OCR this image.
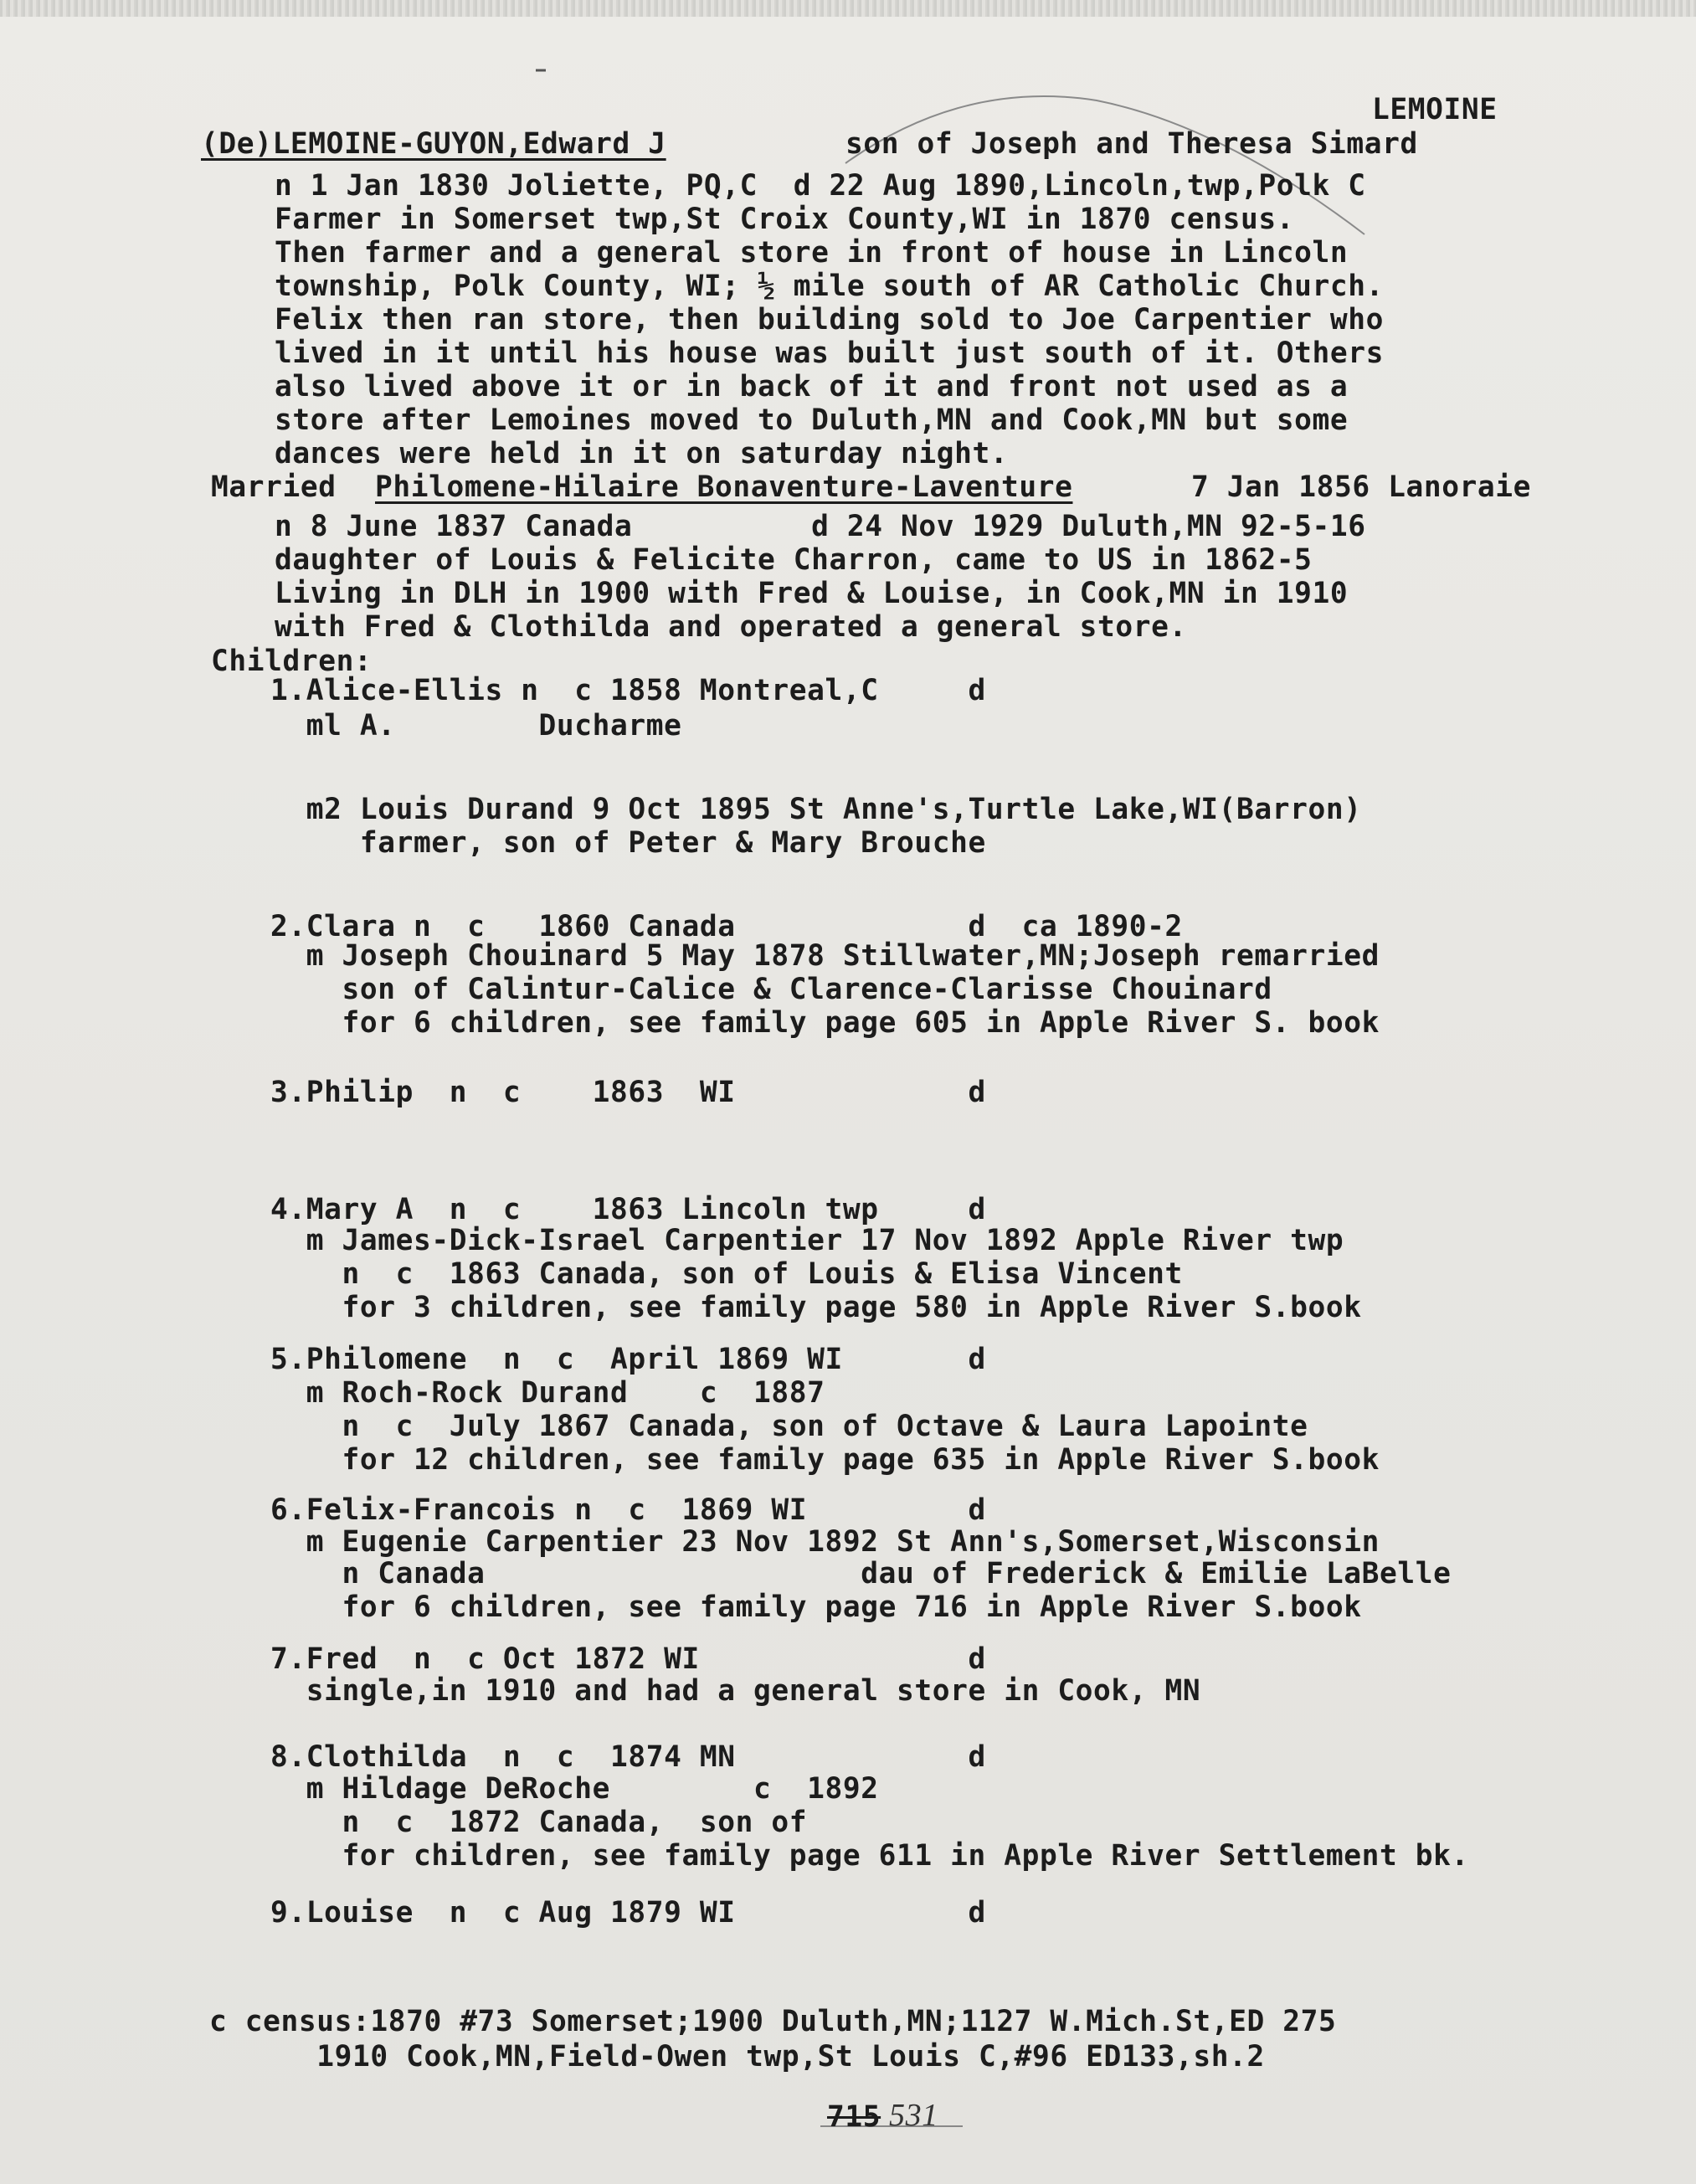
LEMOINE
(De)LEMOINE-GUYON,Edward J	son of Joseph and Theresa Simard
n 1 Jan 1830 Joliette, PQ,C  d 22 Aug 1890,Lincoln,twp,Polk C
Farmer in Somerset twp,St Croix County,WI in 1870 census.
Then farmer and a general store in front of house in Lincoln
township, Polk County, WI; ½ mile south of AR Catholic Church.
Felix then ran store, then building sold to Joe Carpentier who
lived in it until his house was built just south of it. Others
also lived above it or in back of it and front not used as a
store after Lemoines moved to Duluth,MN and Cook,MN but some
dances were held in it on saturday night.
Married Philomene-Hilaire Bonaventure-Laventure	7 Jan 1856 Lanoraie
n 8 June 1837 Canada          d 24 Nov 1929 Duluth,MN 92-5-16
daughter of Louis & Felicite Charron, came to US in 1862-5
Living in DLH in 1900 with Fred & Louise, in Cook,MN in 1910
with Fred & Clothilda and operated a general store.
Children:
1.Alice-Ellis n  c 1858 Montreal,C     d
ml A.        Ducharme
m2 Louis Durand 9 Oct 1895 St Anne's,Turtle Lake,WI(Barron)
farmer, son of Peter & Mary Brouche
2.Clara n  c   1860 Canada             d  ca 1890-2
m Joseph Chouinard 5 May 1878 Stillwater,MN;Joseph remarried
son of Calintur-Calice & Clarence-Clarisse Chouinard
for 6 children, see family page 605 in Apple River S. book
3.Philip  n  c    1863  WI             d
4.Mary A  n  c    1863 Lincoln twp     d
m James-Dick-Israel Carpentier 17 Nov 1892 Apple River twp
n  c  1863 Canada, son of Louis & Elisa Vincent
for 3 children, see family page 580 in Apple River S.book
5.Philomene  n  c  April 1869 WI       d
m Roch-Rock Durand    c  1887
n  c  July 1867 Canada, son of Octave & Laura Lapointe
for 12 children, see family page 635 in Apple River S.book
6.Felix-Francois n  c  1869 WI         d
m Eugenie Carpentier 23 Nov 1892 St Ann's,Somerset,Wisconsin
n Canada                     dau of Frederick & Emilie LaBelle
for 6 children, see family page 716 in Apple River S.book
7.Fred  n  c Oct 1872 WI               d
single,in 1910 and had a general store in Cook, MN
8.Clothilda  n  c  1874 MN             d
m Hildage DeRoche        c  1892
n  c  1872 Canada,  son of
for children, see family page 611 in Apple River Settlement bk.
9.Louise  n  c Aug 1879 WI             d
c census:1870 #73 Somerset;1900 Duluth,MN;1127 W.Mich.St,ED 275
1910 Cook,MN,Field-Owen twp,St Louis C,#96 ED133,sh.2
715 531
